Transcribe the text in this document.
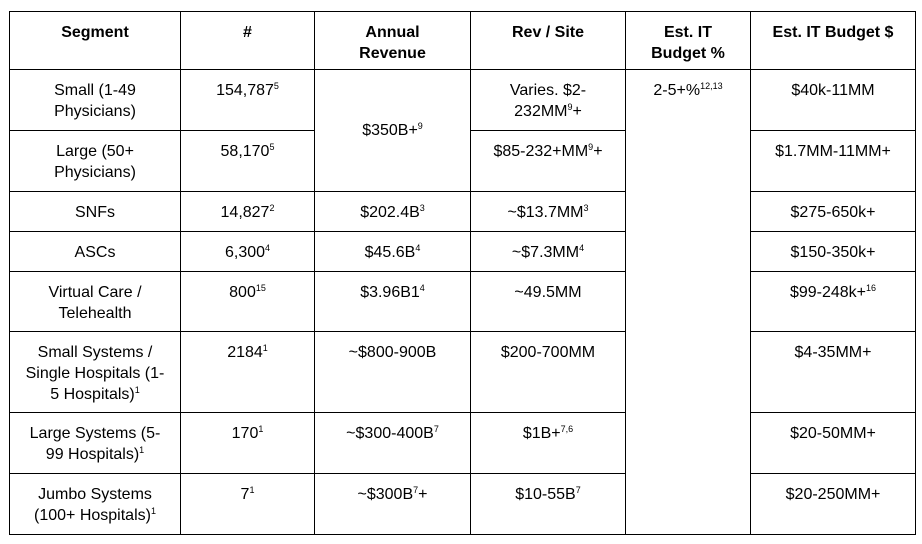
Segment	#	Annual Revenue	Rev / Site	Est. IT Budget %	Est. IT Budget $
Small (1-49 Physicians)	154,787$^5$	$350B+$^9$	Varies. $\$2-232MM^9+$	2-5+%$^{12,13}$	$40k-11MM
Large (50+ Physicians)	58,170$^5$		$\$85-232+MM^9+$		$1.7MM-11MM+
SNFs	14,827$^2$	$\$202.4B^3$	$\sim\$13.7MM^3$		$275-650k+
ASCs	6,300$^4$	$\$45.6B^4$	$\sim\$7.3MM^4$		$150-350k+
Virtual Care / Telehealth	$800^{15}$	$\$3.96B1^4$	~49.5MM		$99-248k+$^{16}$
Small Systems / Single Hospitals (1-5 Hospitals)$^1$	2184$^1$	~$800-900B	$200-700MM		$4-35MM+
Large Systems (5-99 Hospitals)$^1$	$170^1$	$\sim\$300-400B^7$	$1B+$^{7,6}$		$20-50MM+
Jumbo Systems (100+ Hospitals)$^1$	$7^1$	$\sim\$300B^7+$	$\$10-55B^7$		$20-250MM+
